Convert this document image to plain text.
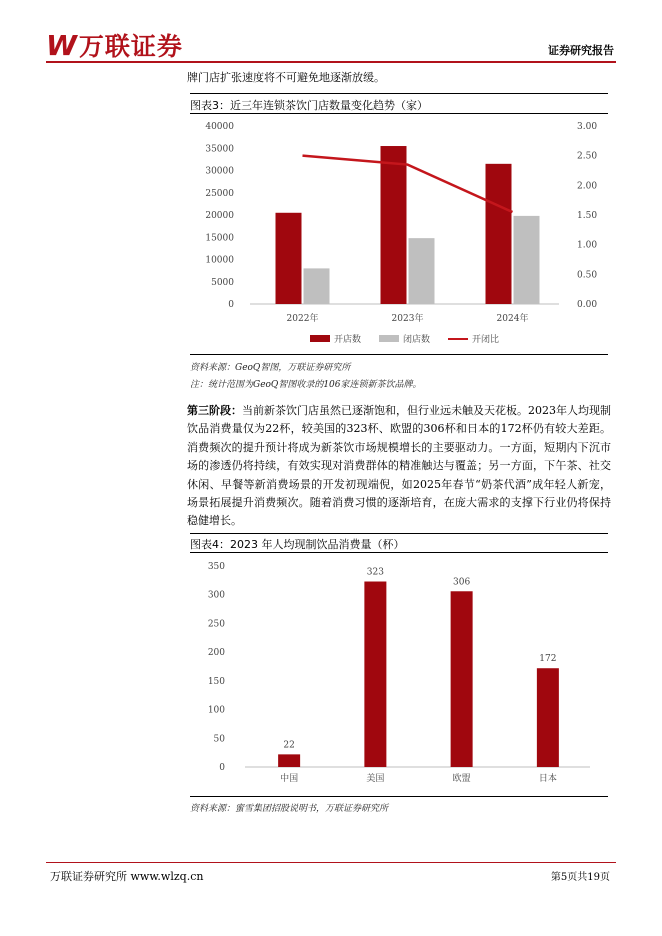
W 万联证券	证券研究报告
牌门店扩张速度将不可避免地逐渐放缓。
图表3：近三年连锁茶饮门店数量变化趋势（家）
0
5000
10000
15000
20000
25000
30000
35000
40000
0.00
0.50
1.00
1.50
2.00
2.50
3.00
2022年	2023年	2024年
开店数	闭店数	开闭比
资料来源：GeoQ智图，万联证券研究所
注：统计范围为GeoQ智图收录的106家连锁新茶饮品牌。
第三阶段：当前新茶饮门店虽然已逐渐饱和，但行业远未触及天花板。2023年人均现制饮品消费量仅为22杯，较美国的323杯、欧盟的306杯和日本的172杯仍有较大差距。消费频次的提升预计将成为新茶饮市场规模增长的主要驱动力。一方面，短期内下沉市场的渗透仍将持续，有效实现对消费群体的精准触达与覆盖；另一方面，下午茶、社交休闲、早餐等新消费场景的开发初现端倪，如2025年春节“奶茶代酒”成年轻人新宠，场景拓展提升消费频次。随着消费习惯的逐渐培育，在庞大需求的支撑下行业仍将保持稳健增长。
图表4：2023 年人均现制饮品消费量（杯）
0
50
100
150
200
250
300
350
22
中国
323
美国
306
欧盟
172
日本
资料来源：蜜雪集团招股说明书，万联证券研究所
万联证券研究所 www.wlzq.cn	第5页共19页
